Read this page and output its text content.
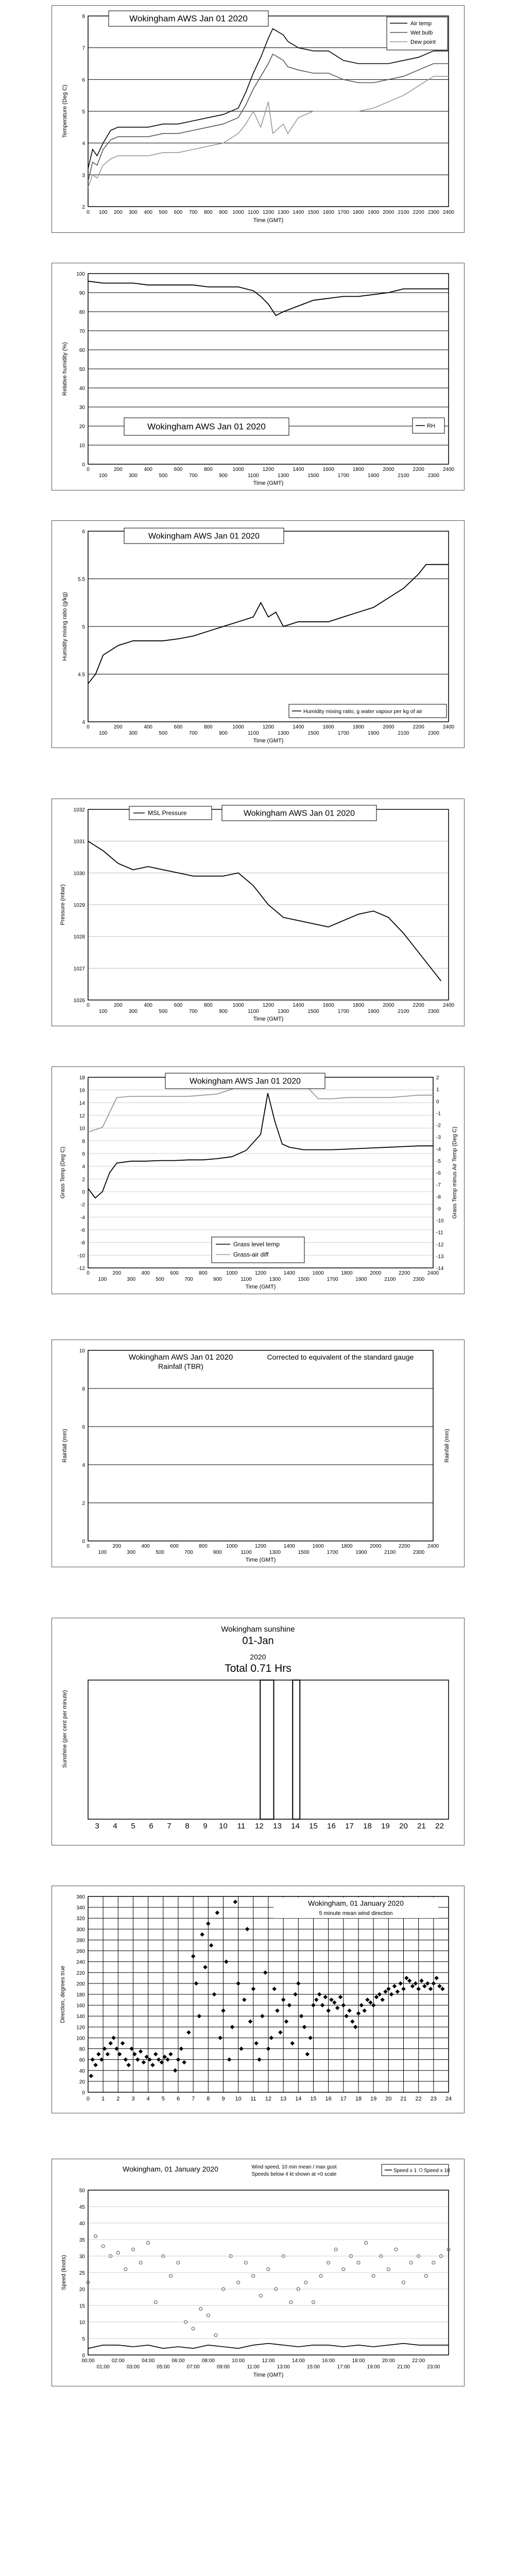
2
3
4
5
6
7
8
0 100 200 300 400 500 600 700 800 900 1000 1100 1200 1300 1400 1500 1600 1700 1800 1900 2000 2100 2200 2300 2400
Wokingham AWS Jan 01 2020
Time (GMT)
Temperature (Deg C)
Air temp
Wet bulb
Dew point
0
10
20
30
40
50
60
70
80
90
100
0	200	400	600	800	1000	1200	1400	1600	1800	2000	2200	2400
100	300	500	700	900	1100	1300	1500	1700	1900	2100	2300
Wokingham AWS Jan 01 2020	RH
Time (GMT)
Relative humidity (%)
4
4.5
5
5.5
6
0	200	400	600	800	1000	1200	1400	1600	1800	2000	2200	2400
100	300	500	700	900	1100	1300	1500	1700	1900	2100	2300
Wokingham AWS Jan 01 2020
Humidity mixing ratio, g water vapour per kg of air
Time (GMT)
Humidity mixing ratio (g/kg)
1026
1027
1028
1029
1030
1031
1032
0	200	400	600	800	1000	1200	1400	1600	1800	2000	2200	2400
100	300	500	700	900	1100	1300	1500	1700	1900	2100	2300
MSL Pressure	Wokingham AWS Jan 01 2020
Time (GMT)
Pressure (mbar)
-12
-10
-8
-6
-4
-2
0
2
4
6
8
10
12
14
16
18
-14
-13
-12
-11
-10
-9
-8
-7
-6
-5
-4
-3
-2
-1
0
1
2
0	200	400	600	800	1000	1200	1400	1600	1800	2000	2200	2400
100	300	500	700	900	1100	1300	1500	1700	1900	2100	2300
Wokingham AWS Jan 01 2020
Grass level temp
Grass-air diff
Time (GMT)
Grass Temp (Deg C)	Grass Temp minus Air Temp (Deg C)
0
2
4
6
8
10
0	200	400	600	800	1000	1200	1400	1600	1800	2000	2200	2400
100	300	500	700	900	1100	1300	1500	1700	1900	2100	2300
Wokingham AWS Jan 01 2020
Rainfall (TBR)
Corrected to equivalent of the standard gauge
Time (GMT)
Rainfall (mm)	Rainfall (mm)
3 4 5 6 7 8 9 10 11 12 13 14 15 16 17 18 19 20 21 22
Wokingham sunshine
01-Jan
2020
Total 0.71 Hrs
Sunshine (per cent per minute)
0
20
40
60
80
100
120
140
160
180
200
220
240
260
280
300
320
340
360
0 1 2 3 4 5 6 7 8 9 10 11 12 13 14 15 16 17 18 19 20 21 22 23 24
Wokingham, 01 January 2020
5 minute mean wind direction
Direction, degrees true
0
5
10
15
20
25
30
35
40
45
50
00:00	02:00	04:00	06:00	08:00	10:00	12:00	14:00	16:00	18:00	20:00	22:00
01:00	03:00	05:00	07:00	09:00	11:00	13:00	15:00	17:00	19:00	21:00	23:00
Wokingham, 01 January 2020	Wind speed, 10 min mean / max gust
Speeds below 4 kt shown at ×0 scale
Speed x 1 Speed x 10
Time (GMT)
Speed (knots)
